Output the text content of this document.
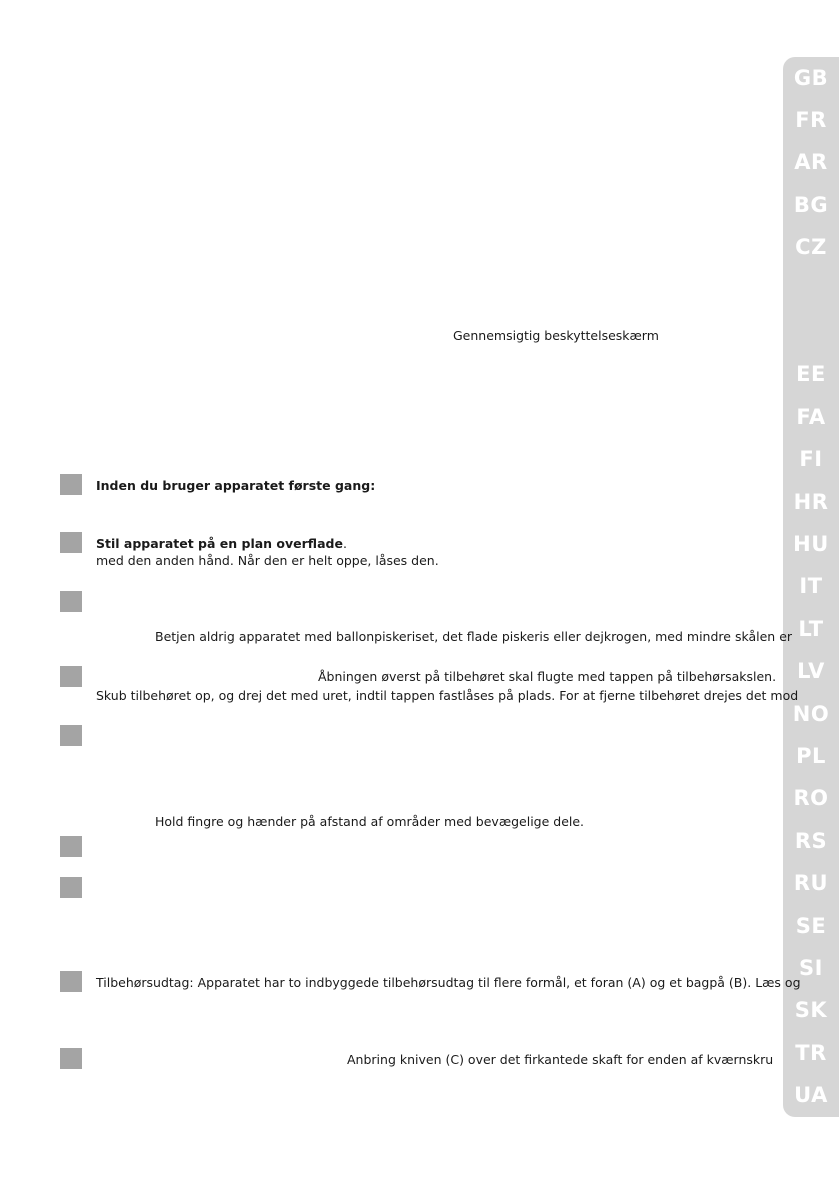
GB
FR
AR
BG
CZ
EE
FA
FI
HR
HU
IT
LT
LV
NO
PL
RO
RS
RU
SE
SI
SK
TR
UA
Gennemsigtig beskyttelseskærm
Inden du bruger apparatet første gang:
Stil apparatet på en plan overflade.
med den anden hånd. Når den er helt oppe, låses den.
Betjen aldrig apparatet med ballonpiskeriset, det flade piskeris eller dejkrogen, med mindre skålen er
Åbningen øverst på tilbehøret skal flugte med tappen på tilbehørsakslen.
Skub tilbehøret op, og drej det med uret, indtil tappen fastlåses på plads. For at fjerne tilbehøret drejes det mod
Hold fingre og hænder på afstand af områder med bevægelige dele.
Tilbehørsudtag: Apparatet har to indbyggede tilbehørsudtag til flere formål, et foran (A) og et bagpå (B). Læs og
Anbring kniven (C) over det firkantede skaft for enden af kværnskru
